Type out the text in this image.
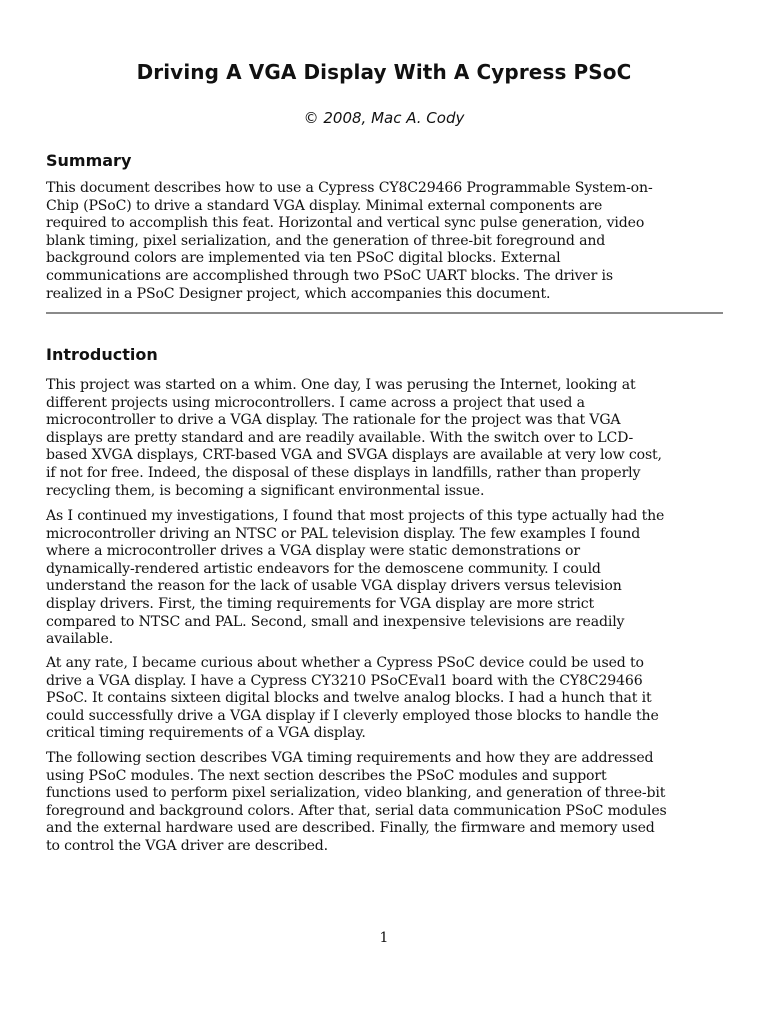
Driving A VGA Display With A Cypress PSoC

© 2008, Mac A. Cody

Summary

This document describes how to use a Cypress CY8C29466 Programmable System-on-
Chip (PSoC) to drive a standard VGA display. Minimal external components are
required to accomplish this feat. Horizontal and vertical sync pulse generation, video
blank timing, pixel serialization, and the generation of three-bit foreground and
background colors are implemented via ten PSoC digital blocks. External
communications are accomplished through two PSoC UART blocks. The driver is
realized in a PSoC Designer project, which accompanies this document.

Introduction

This project was started on a whim. One day, I was perusing the Internet, looking at
different projects using microcontrollers. I came across a project that used a
microcontroller to drive a VGA display. The rationale for the project was that VGA
displays are pretty standard and are readily available. With the switch over to LCD-
based XVGA displays, CRT-based VGA and SVGA displays are available at very low cost,
if not for free. Indeed, the disposal of these displays in landfills, rather than properly
recycling them, is becoming a significant environmental issue.

As I continued my investigations, I found that most projects of this type actually had the
microcontroller driving an NTSC or PAL television display. The few examples I found
where a microcontroller drives a VGA display were static demonstrations or
dynamically-rendered artistic endeavors for the demoscene community. I could
understand the reason for the lack of usable VGA display drivers versus television
display drivers. First, the timing requirements for VGA display are more strict
compared to NTSC and PAL. Second, small and inexpensive televisions are readily
available.

At any rate, I became curious about whether a Cypress PSoC device could be used to
drive a VGA display. I have a Cypress CY3210 PSoCEval1 board with the CY8C29466
PSoC. It contains sixteen digital blocks and twelve analog blocks. I had a hunch that it
could successfully drive a VGA display if I cleverly employed those blocks to handle the
critical timing requirements of a VGA display.

The following section describes VGA timing requirements and how they are addressed
using PSoC modules. The next section describes the PSoC modules and support
functions used to perform pixel serialization, video blanking, and generation of three-bit
foreground and background colors. After that, serial data communication PSoC modules
and the external hardware used are described. Finally, the firmware and memory used
to control the VGA driver are described.

1
